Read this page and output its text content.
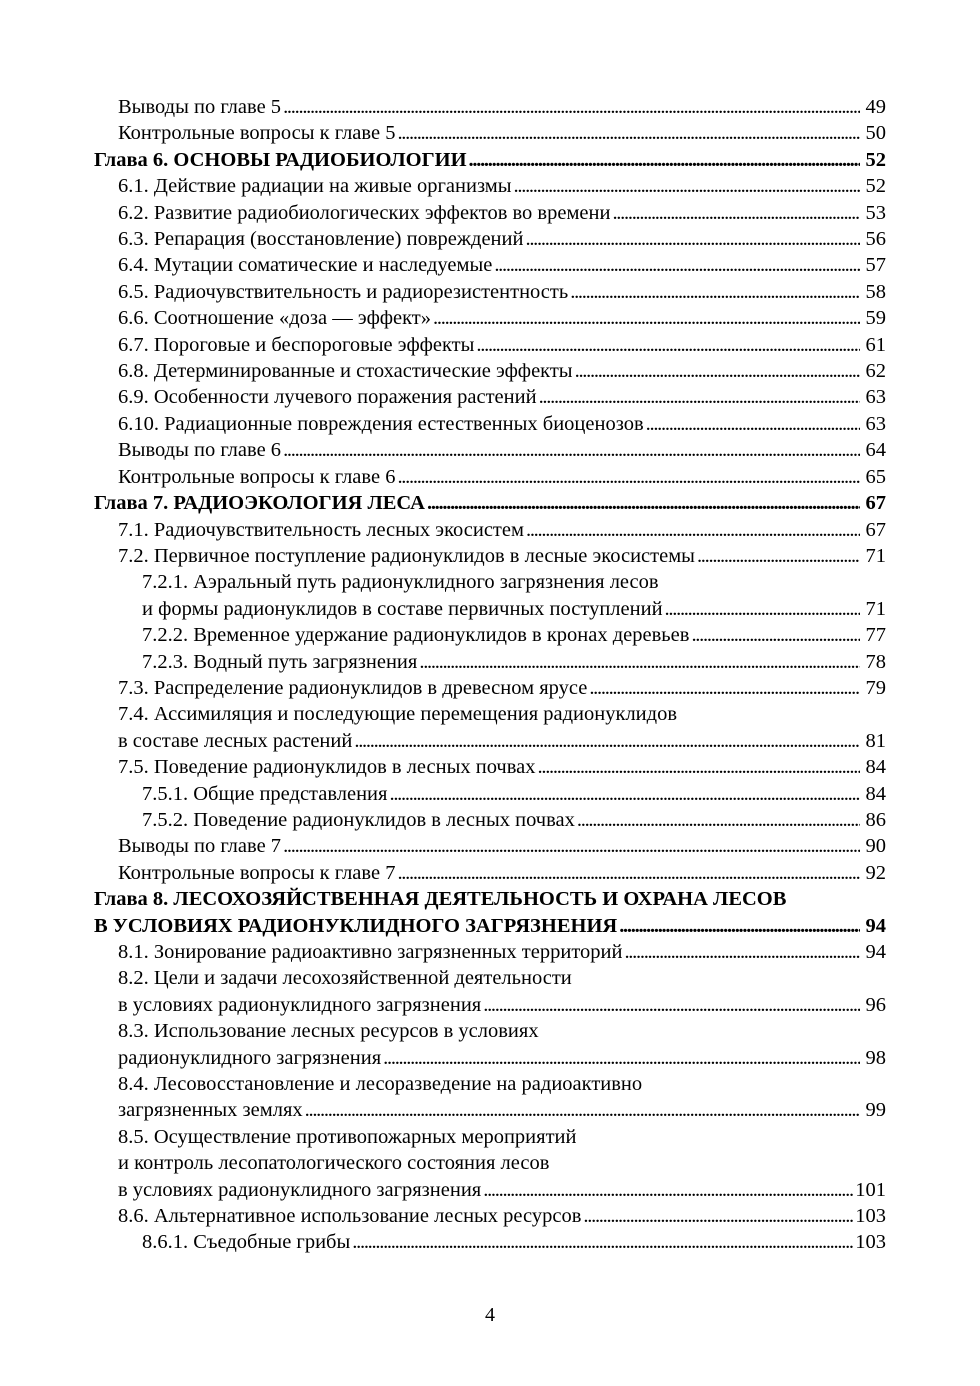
Выводы по главе 5 . . .	49
Контрольные вопросы к главе 5 . . .	50
Глава 6. ОСНОВЫ РАДИОБИОЛОГИИ . . .	52
6.1. Действие радиации на живые организмы . . .	52
6.2. Развитие радиобиологических эффектов во времени . . .	53
6.3. Репарация (восстановление) повреждений . . .	56
6.4. Мутации соматические и наследуемые . . .	57
6.5. Радиочувствительность и радиорезистентность . . .	58
6.6. Соотношение «доза — эффект» . . .	59
6.7. Пороговые и беспороговые эффекты . . .	61
6.8. Детерминированные и стохастические эффекты . . .	62
6.9. Особенности лучевого поражения растений . . .	63
6.10. Радиационные повреждения естественных биоценозов . . .	63
Выводы по главе 6 . . .	64
Контрольные вопросы к главе 6 . . .	65
Глава 7. РАДИОЭКОЛОГИЯ ЛЕСА . . .	67
7.1. Радиочувствительность лесных экосистем . . .	67
7.2. Первичное поступление радионуклидов в лесные экосистемы . . .	71
7.2.1. Аэральный путь радионуклидного загрязнения лесов
и формы радионуклидов в составе первичных поступлений . . .	71
7.2.2. Временное удержание радионуклидов в кронах деревьев . . .	77
7.2.3. Водный путь загрязнения . . .	78
7.3. Распределение радионуклидов в древесном ярусе . . .	79
7.4. Ассимиляция и последующие перемещения радионуклидов
в составе лесных растений . . .	81
7.5. Поведение радионуклидов в лесных почвах . . .	84
7.5.1. Общие представления . . .	84
7.5.2. Поведение радионуклидов в лесных почвах . . .	86
Выводы по главе 7 . . .	90
Контрольные вопросы к главе 7 . . .	92
Глава 8. ЛЕСОХОЗЯЙСТВЕННАЯ ДЕЯТЕЛЬНОСТЬ И ОХРАНА ЛЕСОВ
В УСЛОВИЯХ РАДИОНУКЛИДНОГО ЗАГРЯЗНЕНИЯ . . .	94
8.1. Зонирование радиоактивно загрязненных территорий . . .	94
8.2. Цели и задачи лесохозяйственной деятельности
в условиях радионуклидного загрязнения . . .	96
8.3. Использование лесных ресурсов в условиях
радионуклидного загрязнения . . .	98
8.4. Лесовосстановление и лесоразведение на радиоактивно
загрязненных землях . . .	99
8.5. Осуществление противопожарных мероприятий
и контроль лесопатологического состояния лесов
в условиях радионуклидного загрязнения . . .	101
8.6. Альтернативное использование лесных ресурсов . . .	103
8.6.1. Съедобные грибы . . .	103
4
